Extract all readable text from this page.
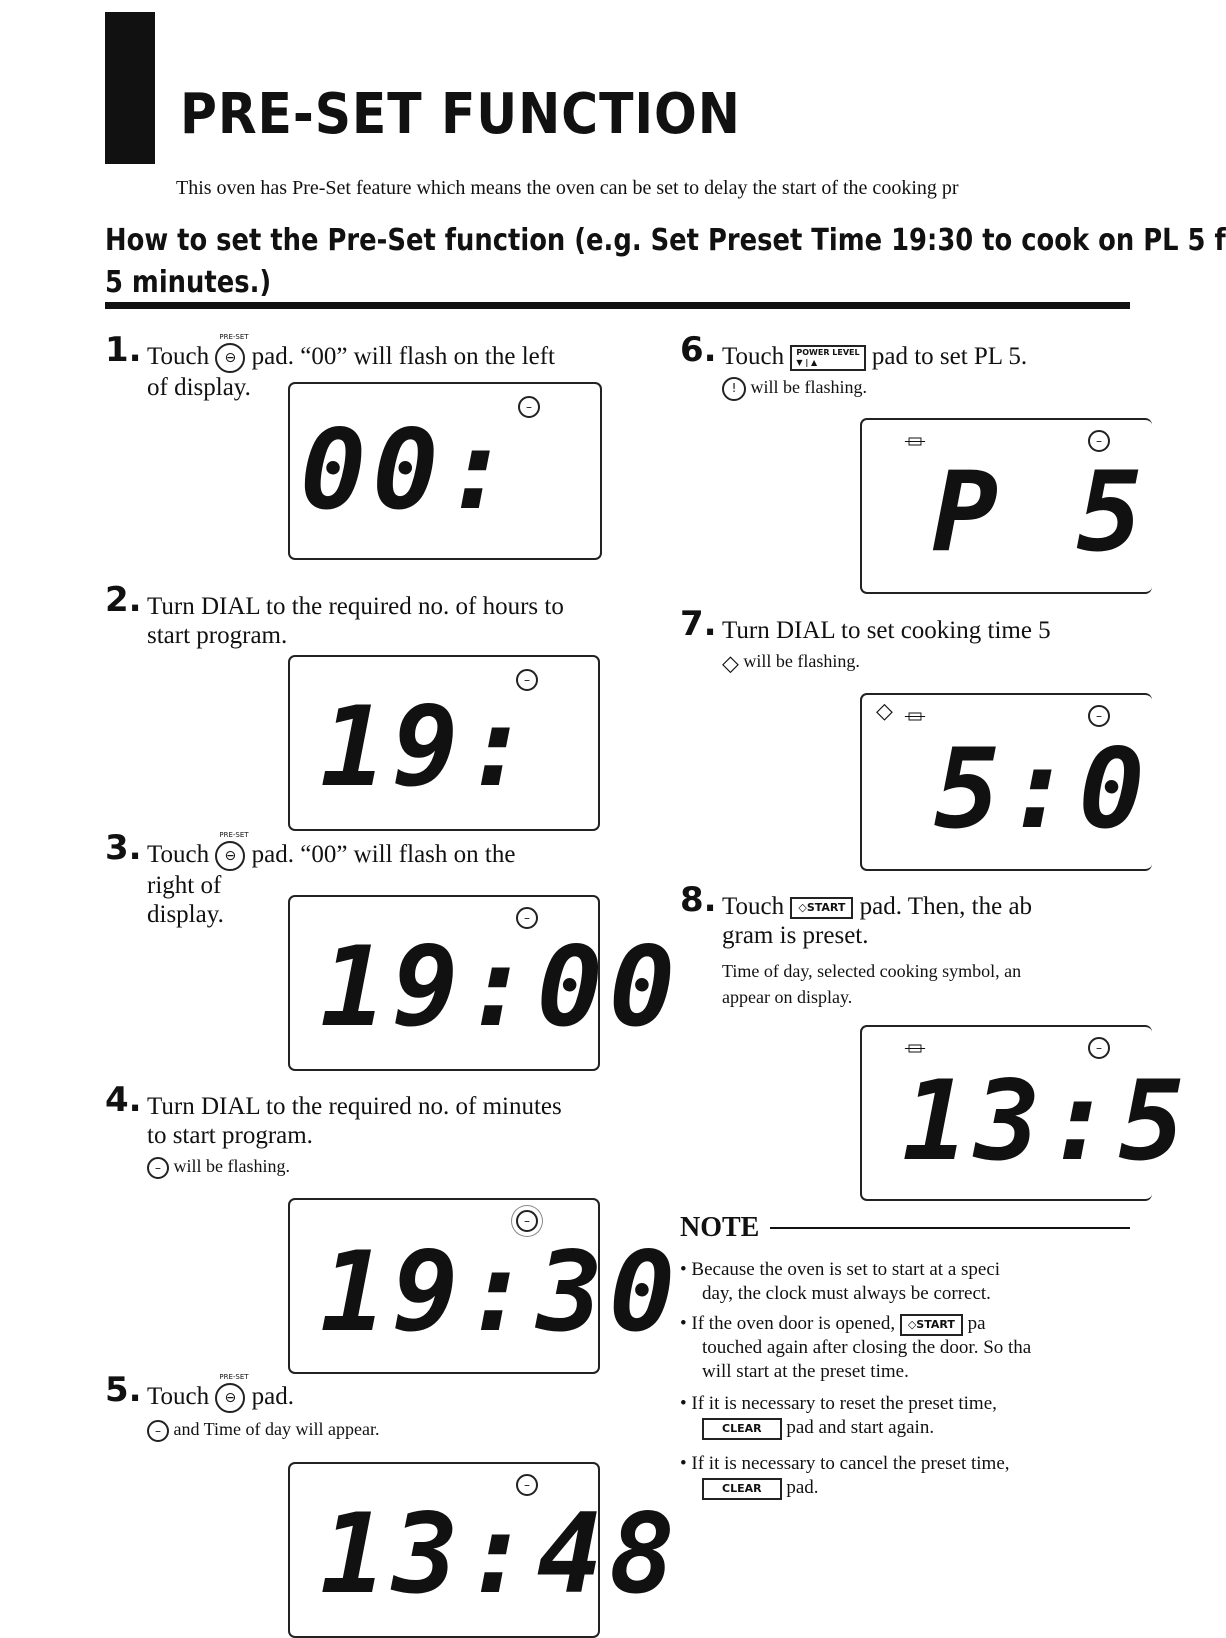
PRE-SET FUNCTION
This oven has Pre-Set feature which means the oven can be set to delay the start of the cooking pr
How to set the Pre-Set function (e.g. Set Preset Time 19:30 to cook on PL 5 f
5 minutes.)
1. Touch
PRE-SET
⊖ pad. “00” will flash on the left
of display.
–
00:
2. Turn DIAL to the required no. of hours to
start program.
–
19:
3. Touch
PRE-SET
⊖ pad. “00” will flash on the
right of
display.	–
19:00
4. Turn DIAL to the required no. of minutes
to start program.
– will be flashing.
–
19:30
5. Touch
PRE-SET
⊖ pad.
– and Time of day will appear.
–
13:48
6. Touch POWER LEVEL
▼ | ▲ pad to set PL 5.
! will be flashing.
⏛	–
P 5
7. Turn DIAL to set cooking time 5
◇ will be flashing.
◇ ⏛	–
5:0
8. Touch ◇START pad. Then, the ab
gram is preset.
Time of day, selected cooking symbol, an
appear on display.
⏛	–
13:5
NOTE
• Because the oven is set to start at a speci
day, the clock must always be correct.
• If the oven door is opened, ◇START pa
touched again after closing the door. So tha
will start at the preset time.
• If it is necessary to reset the preset time,
CLEAR pad and start again.
• If it is necessary to cancel the preset time,
CLEAR pad.
